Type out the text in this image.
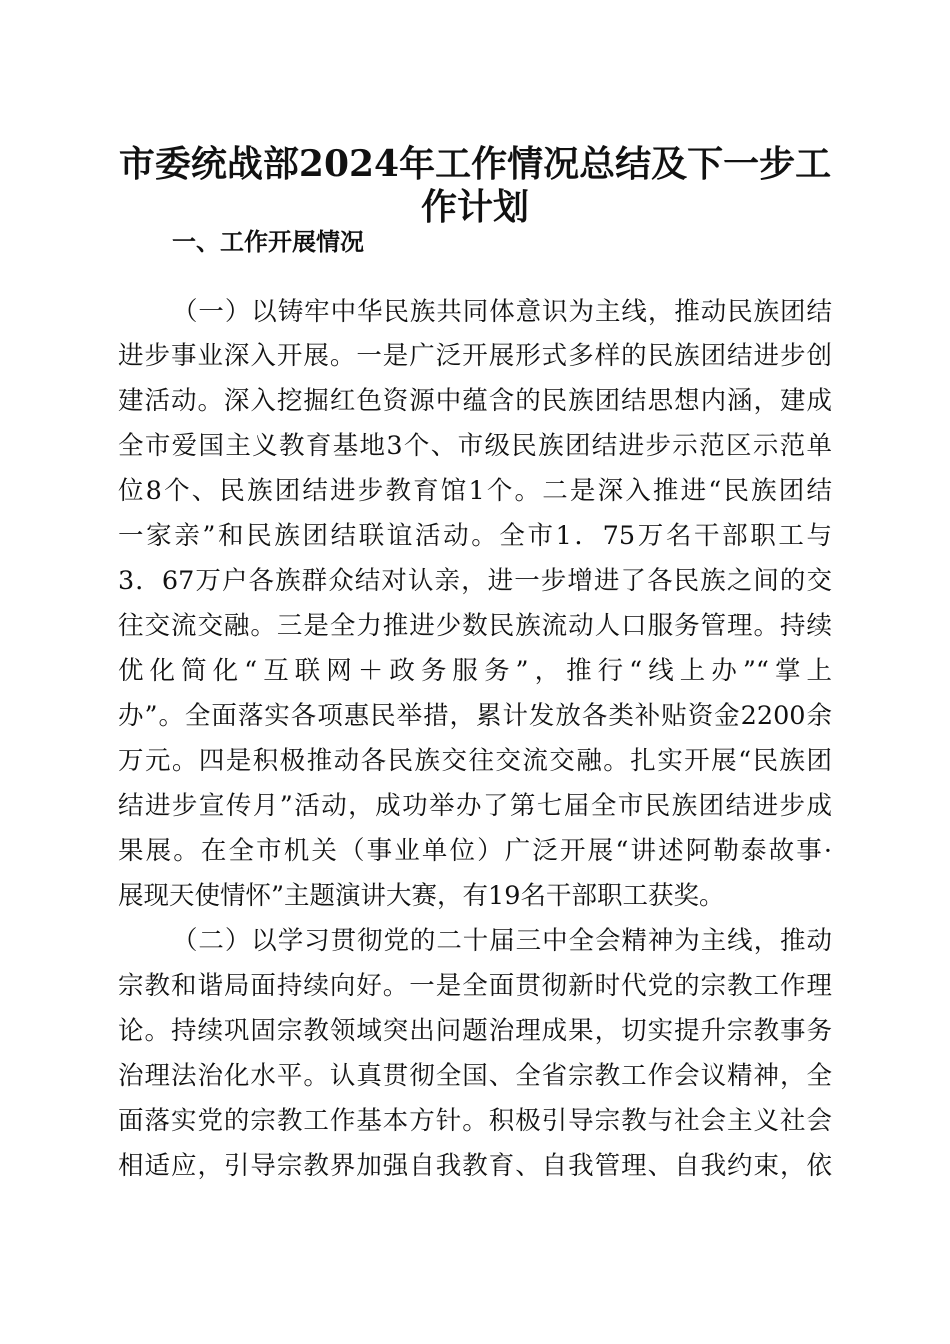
市委统战部2024年工作情况总结及下一步工
作计划
一、工作开展情况
（一）以铸牢中华民族共同体意识为主线，推动民族团结
进步事业深入开展。一是广泛开展形式多样的民族团结进步创
建活动。深入挖掘红色资源中蕴含的民族团结思想内涵，建成
全市爱国主义教育基地3个、市级民族团结进步示范区示范单
位8个、民族团结进步教育馆1个。二是深入推进“民族团结
一家亲”和民族团结联谊活动。全市1．75万名干部职工与
3．67万户各族群众结对认亲，进一步增进了各民族之间的交
往交流交融。三是全力推进少数民族流动人口服务管理。持续
优化简化“互联网＋政务服务”，推行“线上办”“掌上
办”。全面落实各项惠民举措，累计发放各类补贴资金2200余
万元。四是积极推动各民族交往交流交融。扎实开展“民族团
结进步宣传月”活动，成功举办了第七届全市民族团结进步成
果展。在全市机关（事业单位）广泛开展“讲述阿勒泰故事·
展现天使情怀”主题演讲大赛，有19名干部职工获奖。
（二）以学习贯彻党的二十届三中全会精神为主线，推动
宗教和谐局面持续向好。一是全面贯彻新时代党的宗教工作理
论。持续巩固宗教领域突出问题治理成果，切实提升宗教事务
治理法治化水平。认真贯彻全国、全省宗教工作会议精神，全
面落实党的宗教工作基本方针。积极引导宗教与社会主义社会
相适应，引导宗教界加强自我教育、自我管理、自我约束，依
